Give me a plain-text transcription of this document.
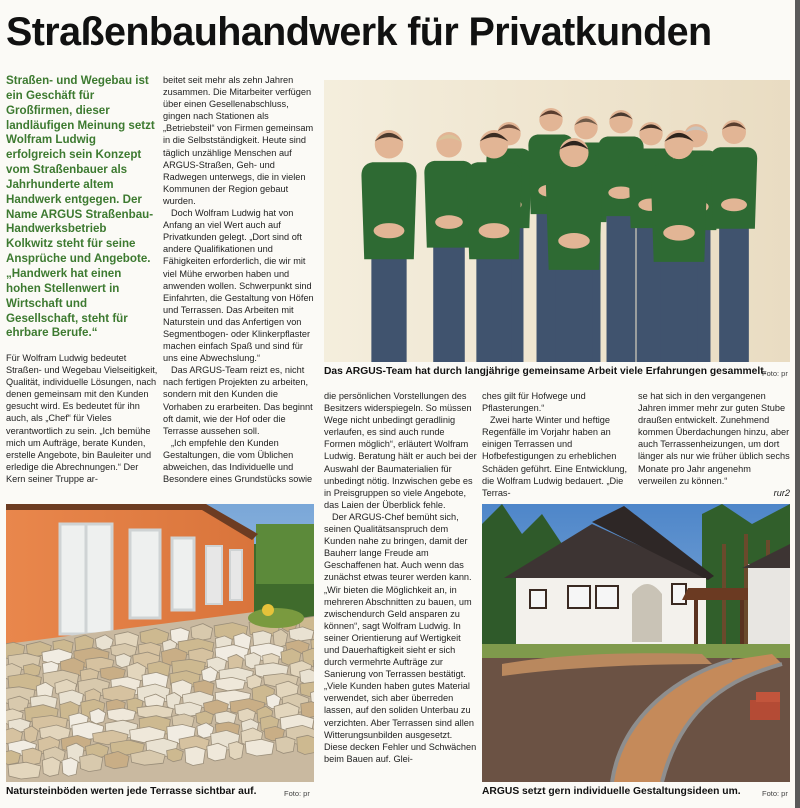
Straßenbauhandwerk für Privatkunden

Straßen- und Wegebau ist ein Geschäft für Großfirmen, dieser landläufigen Meinung setzt Wolfram Ludwig erfolgreich sein Konzept vom Straßenbauer als Jahrhunderte altem Handwerk entgegen. Der Name ARGUS Straßenbau-Handwerksbetrieb Kolkwitz steht für seine Ansprüche und Angebote.

„Handwerk hat einen hohen Stellenwert in Wirtschaft und Gesellschaft, steht für ehrbare Berufe.“

Für Wolfram Ludwig bedeutet Straßen- und Wegebau Vielseitigkeit, Qualität, individuelle Lösungen, nach denen gemeinsam mit den Kunden gesucht wird. Es bedeutet für ihn auch, als „Chef“ für Vieles verantwortlich zu sein. „Ich bemühe mich um Aufträge, berate Kunden, erstelle Angebote, bin Bauleiter und erledige die Abrechnungen.“ Der Kern seiner Truppe ar-

beitet seit mehr als zehn Jahren zusammen. Die Mitarbeiter verfügen über einen Gesellenabschluss, gingen nach Stationen als „Betriebsteil“ von Firmen gemeinsam in die Selbstständigkeit. Heute sind täglich unzählige Menschen auf ARGUS-Straßen, Geh- und Radwegen unterwegs, die in vielen Kommunen der Region gebaut wurden.

Doch Wolfram Ludwig hat von Anfang an viel Wert auch auf Privatkunden gelegt. „Dort sind oft andere Qualifikationen und Fähigkeiten erforderlich, die wir mit viel Mühe erworben haben und anwenden wollen. Schwerpunkt sind Einfahrten, die Gestaltung von Höfen und Terrassen. Das Arbeiten mit Naturstein und das Anfertigen von Segmentbogen- oder Klinkerpflaster machen einfach Spaß und sind für uns eine Abwechslung.“

Das ARGUS-Team reizt es, nicht nach fertigen Projekten zu arbeiten, sondern mit den Kunden die Vorhaben zu erarbeiten. Das beginnt oft damit, wie der Hof oder die Terrasse aussehen soll.

„Ich empfehle den Kunden Gestaltungen, die vom Üblichen abweichen, das Individuelle und Besondere eines Grundstücks sowie

Das ARGUS-Team hat durch langjährige gemeinsame Arbeit viele Erfahrungen gesammelt.
Foto: pr

die persönlichen Vorstellungen des Besitzers widerspiegeln. So müssen Wege nicht unbedingt geradlinig verlaufen, es sind auch runde Formen möglich“, erläutert Wolfram Ludwig. Beratung hält er auch bei der Auswahl der Baumaterialien für unbedingt nötig. Inzwischen gebe es in Preisgruppen so viele Angebote, das Laien der Überblick fehle.

Der ARGUS-Chef bemüht sich, seinen Qualitätsanspruch dem Kunden nahe zu bringen, damit der Bauherr lange Freude am Geschaffenen hat. Auch wenn das zunächst etwas teurer werden kann. „Wir bieten die Möglichkeit an, in mehreren Abschnitten zu bauen, um zwischendurch Geld ansparen zu können“, sagt Wolfram Ludwig. In seiner Orientierung auf Wertigkeit und Dauerhaftigkeit sieht er sich durch vermehrte Aufträge zur Sanierung von Terrassen bestätigt. „Viele Kunden haben gutes Material verwendet, sich aber überreden lassen, auf den soliden Unterbau zu verzichten. Aber Terrassen sind allen Witterungsunbilden ausgesetzt. Diese decken Fehler und Schwächen beim Bauen auf. Glei-

ches gilt für Hofwege und Pflasterungen.“

Zwei harte Winter und heftige Regenfälle im Vorjahr haben an einigen Terrassen und Hofbefestigungen zu erheblichen Schäden geführt. Eine Entwicklung, die Wolfram Ludwig bedauert. „Die Terras-

se hat sich in den vergangenen Jahren immer mehr zur guten Stube draußen entwickelt. Zunehmend kommen Überdachungen hinzu, aber auch Terrassenheizungen, um dort länger als nur wie früher üblich sechs Monate pro Jahr angenehm verweilen zu können.“

rur2

Natursteinböden werten jede Terrasse sichtbar auf.	Foto: pr	ARGUS setzt gern individuelle Gestaltungsideen um.	Foto: pr
